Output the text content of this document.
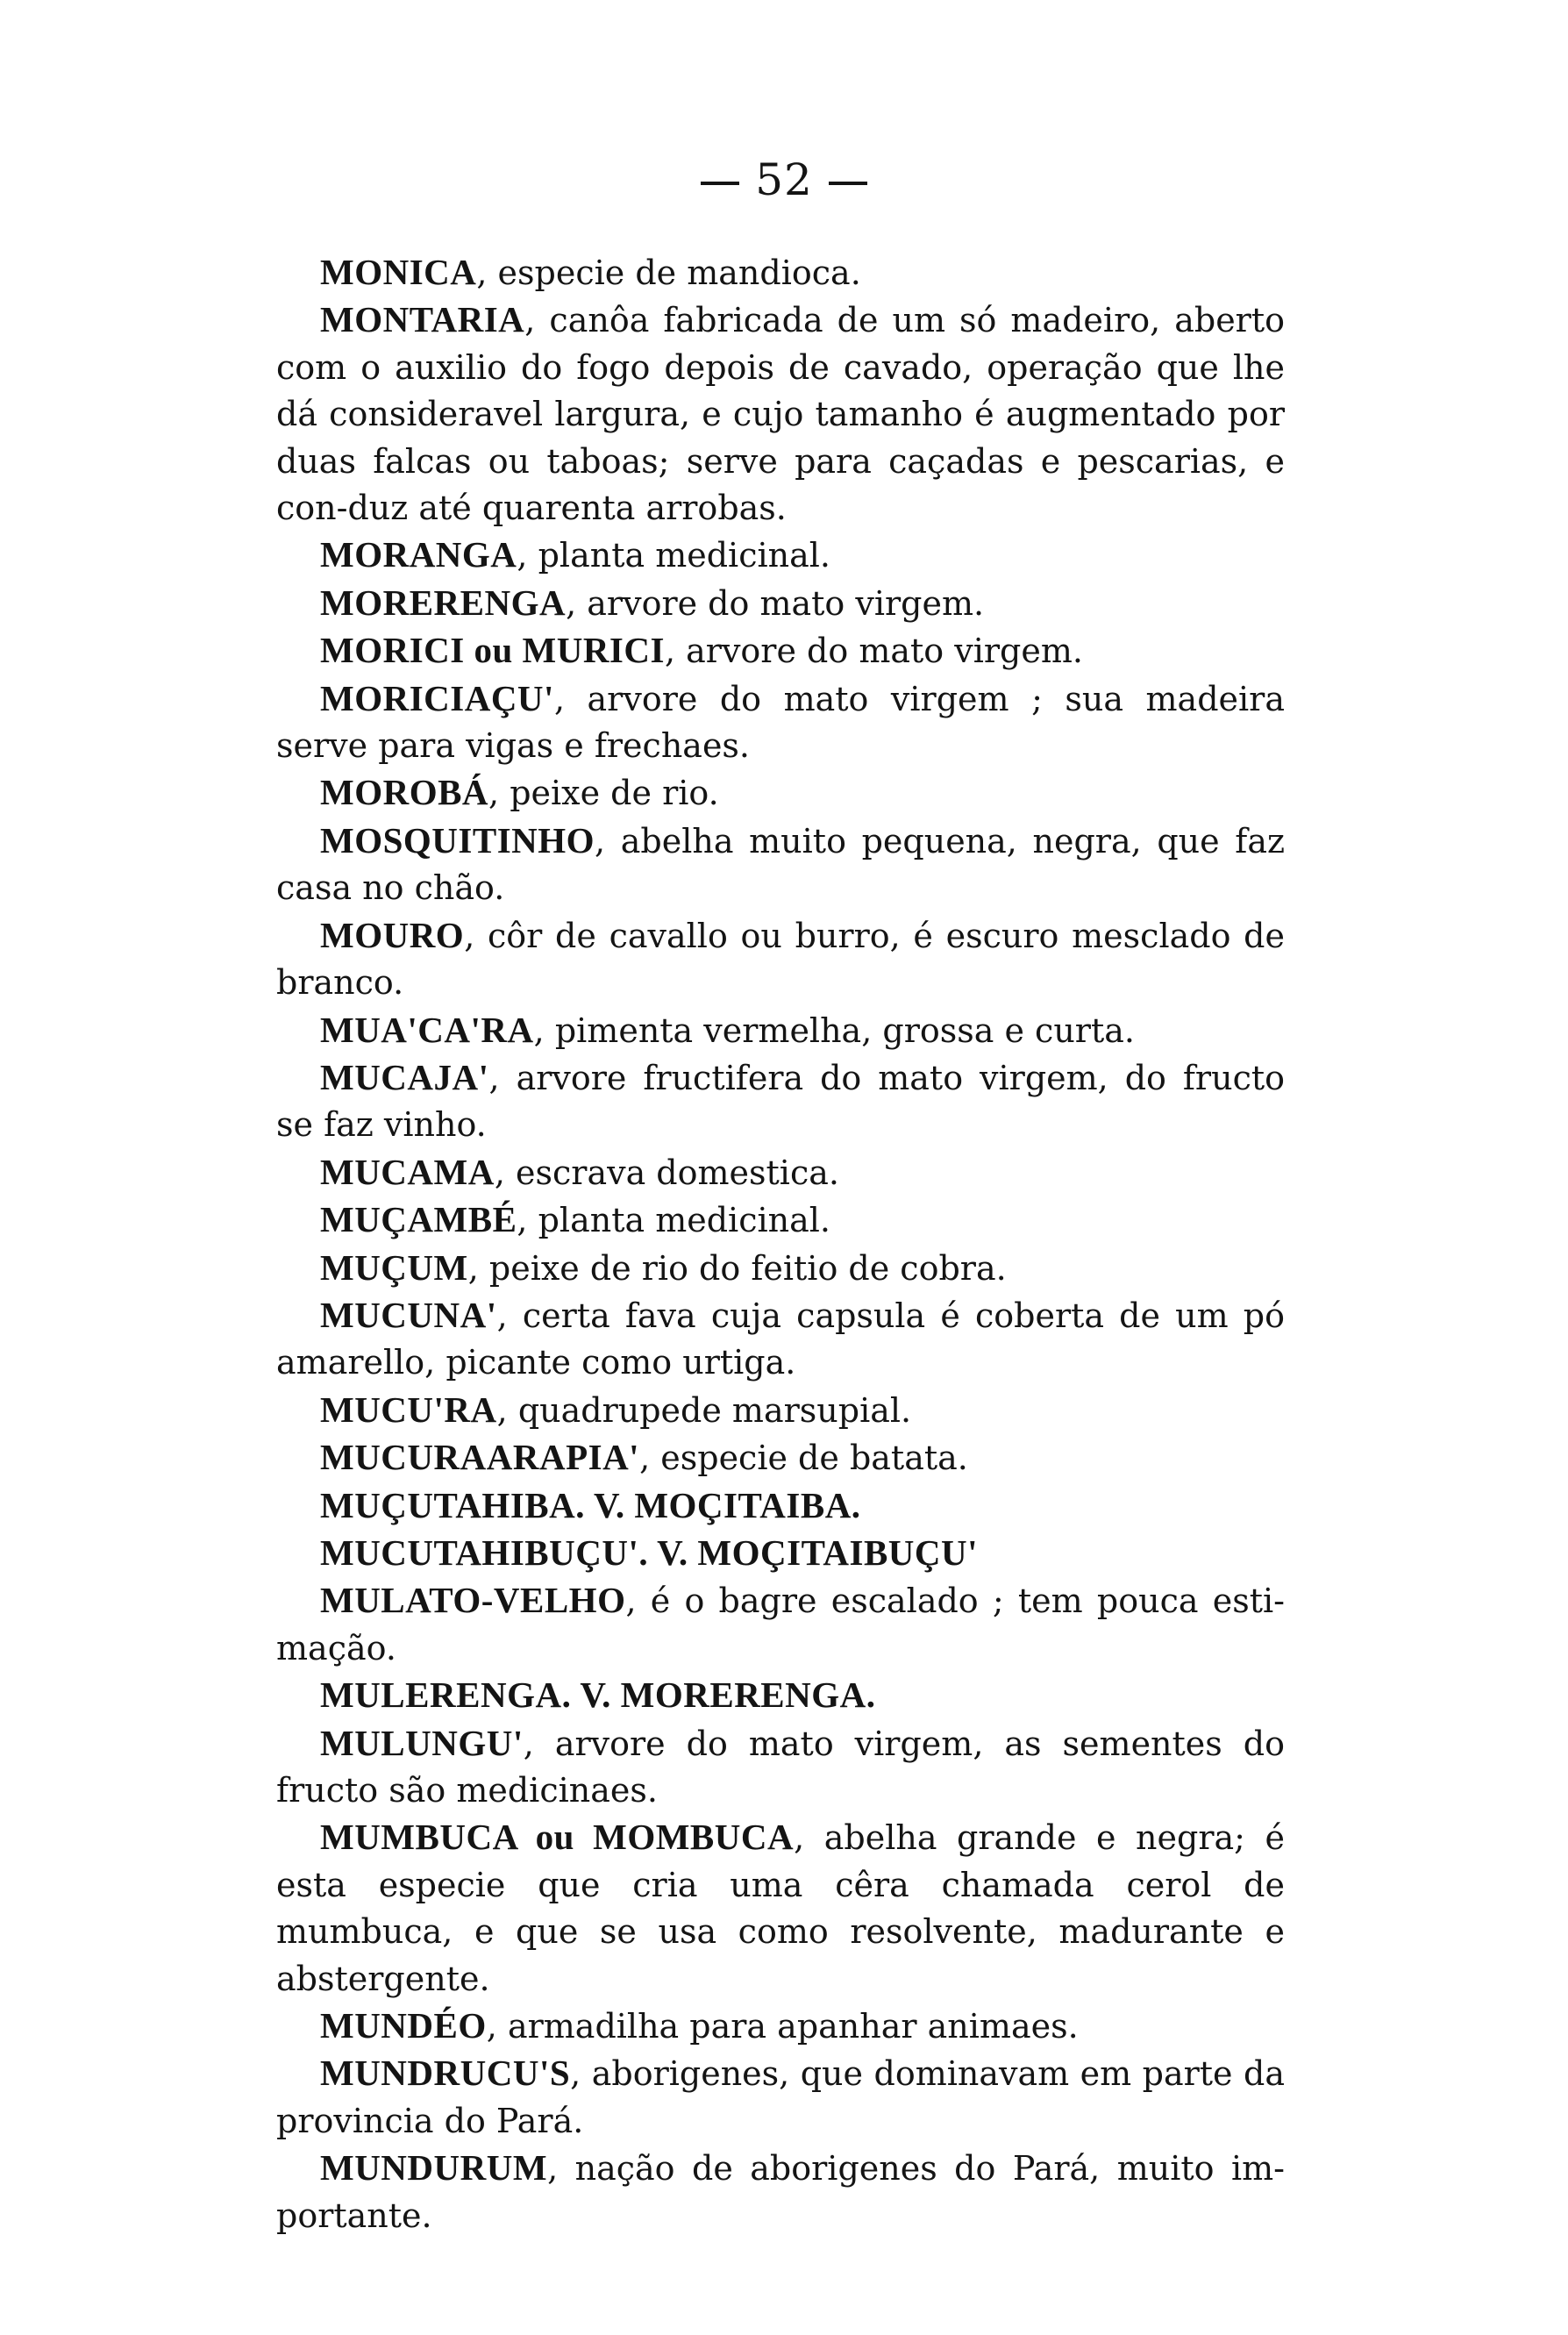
52

MONICA, especie de mandioca.

MONTARIA, canôa fabricada de um só madeiro, aberto com o auxilio do fogo depois de cavado, operação que lhe dá consideravel largura, e cujo tamanho é augmentado por duas falcas ou taboas; serve para caçadas e pescarias, e con-duz até quarenta arrobas.

MORANGA, planta medicinal.

MORERENGA, arvore do mato virgem.

MORICI ou MURICI, arvore do mato virgem.

MORICIAÇU', arvore do mato virgem ; sua madeira serve para vigas e frechaes.

MOROBÁ, peixe de rio.

MOSQUITINHO, abelha muito pequena, negra, que faz casa no chão.

MOURO, côr de cavallo ou burro, é escuro mesclado de branco.

MUA'CA'RA, pimenta vermelha, grossa e curta.

MUCAJA', arvore fructifera do mato virgem, do fructo se faz vinho.

MUCAMA, escrava domestica.

MUÇAMBÉ, planta medicinal.

MUÇUM, peixe de rio do feitio de cobra.

MUCUNA', certa fava cuja capsula é coberta de um pó amarello, picante como urtiga.

MUCU'RA, quadrupede marsupial.

MUCURAARAPIA', especie de batata.

MUÇUTAHIBA. V. MOÇITAIBA.

MUCUTAHIBUÇU'. V. MOÇITAIBUÇU'

MULATO-VELHO, é o bagre escalado ; tem pouca esti-mação.

MULERENGA. V. MORERENGA.

MULUNGU', arvore do mato virgem, as sementes do fructo são medicinaes.

MUMBUCA ou MOMBUCA, abelha grande e negra; é esta especie que cria uma cêra chamada cerol de mumbuca, e que se usa como resolvente, madurante e abstergente.

MUNDÉO, armadilha para apanhar animaes.

MUNDRUCU'S, aborigenes, que dominavam em parte da provincia do Pará.

MUNDURUM, nação de aborigenes do Pará, muito im-portante.
